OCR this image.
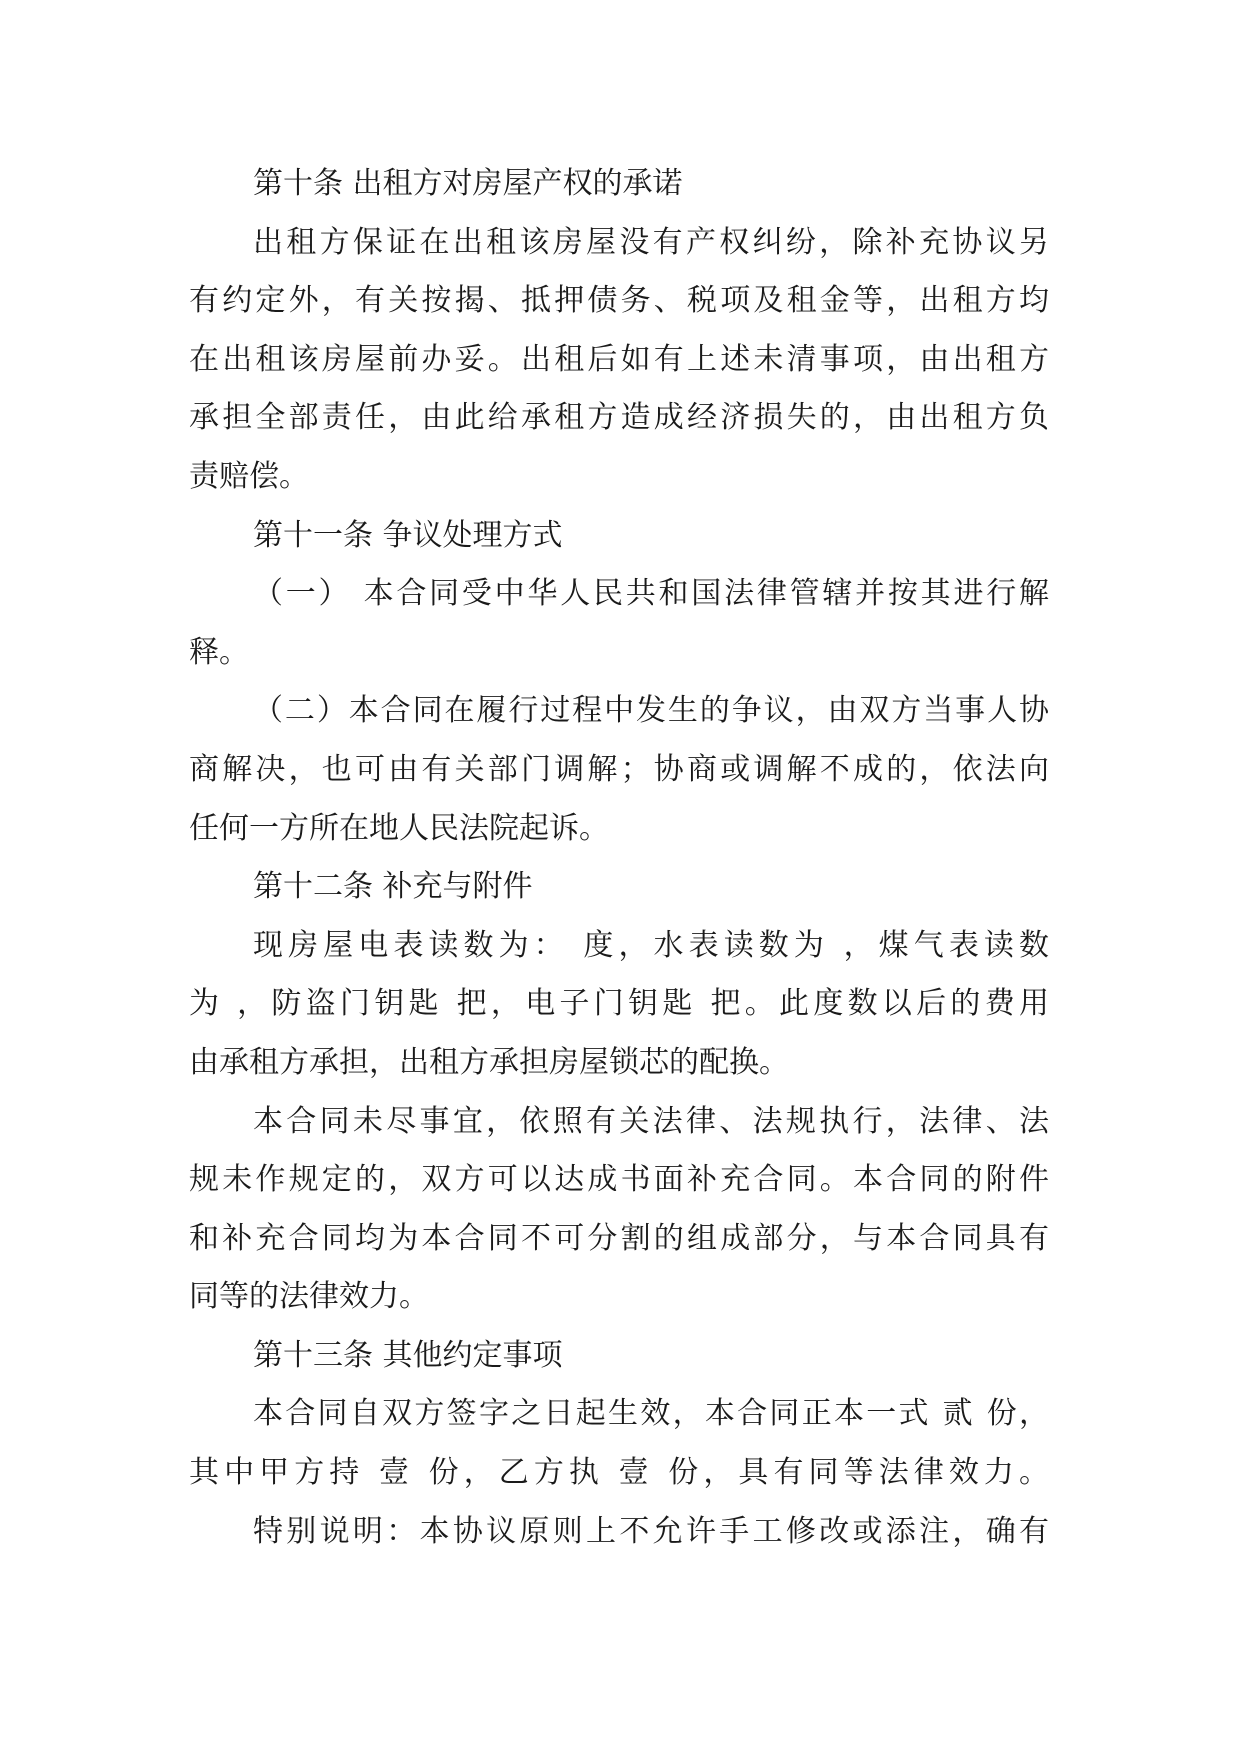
第十条 出租方对房屋产权的承诺
出租方保证在出租该房屋没有产权纠纷，除补充协议另
有约定外，有关按揭、抵押债务、税项及租金等，出租方均
在出租该房屋前办妥。出租后如有上述未清事项，由出租方
承担全部责任，由此给承租方造成经济损失的，由出租方负
责赔偿。
第十一条 争议处理方式
（一） 本合同受中华人民共和国法律管辖并按其进行解
释。
（二）本合同在履行过程中发生的争议，由双方当事人协
商解决，也可由有关部门调解；协商或调解不成的，依法向
任何一方所在地人民法院起诉。
第十二条 补充与附件
现房屋电表读数为： 度，水表读数为 ，煤气表读数
为 ，防盗门钥匙 把，电子门钥匙 把。此度数以后的费用
由承租方承担，出租方承担房屋锁芯的配换。
本合同未尽事宜，依照有关法律、法规执行，法律、法
规未作规定的，双方可以达成书面补充合同。本合同的附件
和补充合同均为本合同不可分割的组成部分，与本合同具有
同等的法律效力。
第十三条 其他约定事项
本合同自双方签字之日起生效，本合同正本一式 贰 份，
其中甲方持 壹 份，乙方执 壹 份，具有同等法律效力。
特别说明：本协议原则上不允许手工修改或添注，确有
